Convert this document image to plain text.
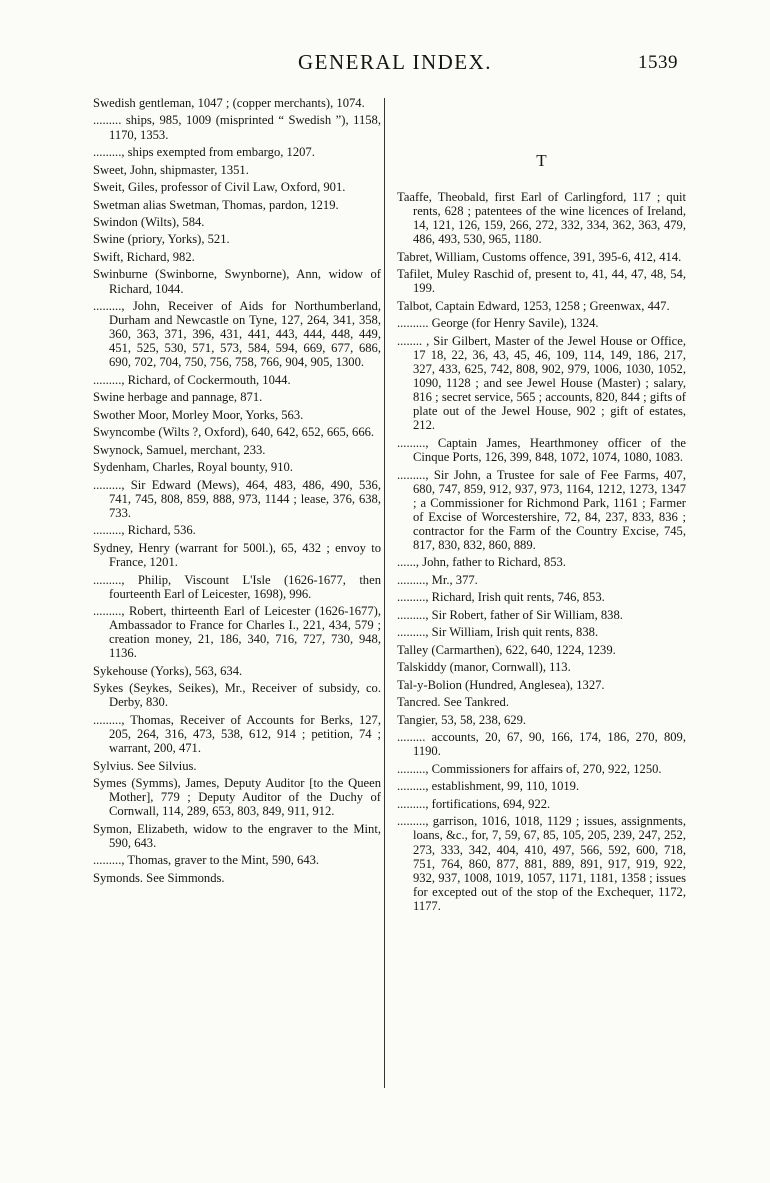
GENERAL INDEX.	1539
Swedish gentleman, 1047 ; (copper merchants), 1074.
......... ships, 985, 1009 (misprinted “ Swedish ”), 1158, 1170, 1353.
........., ships exempted from embargo, 1207.
Sweet, John, shipmaster, 1351.
Sweit, Giles, professor of Civil Law, Oxford, 901.
Swetman alias Swetman, Thomas, pardon, 1219.
Swindon (Wilts), 584.
Swine (priory, Yorks), 521.
Swift, Richard, 982.
Swinburne (Swinborne, Swynborne), Ann, widow of Richard, 1044.
........., John, Receiver of Aids for Northumberland, Durham and Newcastle on Tyne, 127, 264, 341, 358, 360, 363, 371, 396, 431, 441, 443, 444, 448, 449, 451, 525, 530, 571, 573, 584, 594, 669, 677, 686, 690, 702, 704, 750, 756, 758, 766, 904, 905, 1300.
........., Richard, of Cockermouth, 1044.
Swine herbage and pannage, 871.
Swother Moor, Morley Moor, Yorks, 563.
Swyncombe (Wilts ?, Oxford), 640, 642, 652, 665, 666.
Swynock, Samuel, merchant, 233.
Sydenham, Charles, Royal bounty, 910.
........., Sir Edward (Mews), 464, 483, 486, 490, 536, 741, 745, 808, 859, 888, 973, 1144 ; lease, 376, 638, 733.
........., Richard, 536.
Sydney, Henry (warrant for 500l.), 65, 432 ; envoy to France, 1201.
........., Philip, Viscount L'Isle (1626-1677, then fourteenth Earl of Leicester, 1698), 996.
........., Robert, thirteenth Earl of Leicester (1626-1677), Ambassador to France for Charles I., 221, 434, 579 ; creation money, 21, 186, 340, 716, 727, 730, 948, 1136.
Sykehouse (Yorks), 563, 634.
Sykes (Seykes, Seikes), Mr., Receiver of subsidy, co. Derby, 830.
........., Thomas, Receiver of Accounts for Berks, 127, 205, 264, 316, 473, 538, 612, 914 ; petition, 74 ; warrant, 200, 471.
Sylvius. See Silvius.
Symes (Symms), James, Deputy Auditor [to the Queen Mother], 779 ; Deputy Auditor of the Duchy of Cornwall, 114, 289, 653, 803, 849, 911, 912.
Symon, Elizabeth, widow to the engraver to the Mint, 590, 643.
........., Thomas, graver to the Mint, 590, 643.
Symonds. See Simmonds.
T
Taaffe, Theobald, first Earl of Carlingford, 117 ; quit rents, 628 ; patentees of the wine licences of Ireland, 14, 121, 126, 159, 266, 272, 332, 334, 362, 363, 479, 486, 493, 530, 965, 1180.
Tabret, William, Customs offence, 391, 395-6, 412, 414.
Tafilet, Muley Raschid of, present to, 41, 44, 47, 48, 54, 199.
Talbot, Captain Edward, 1253, 1258 ; Greenwax, 447.
.......... George (for Henry Savile), 1324.
........ , Sir Gilbert, Master of the Jewel House or Office, 17 18, 22, 36, 43, 45, 46, 109, 114, 149, 186, 217, 327, 433, 625, 742, 808, 902, 979, 1006, 1030, 1052, 1090, 1128 ; and see Jewel House (Master) ; salary, 816 ; secret service, 565 ; accounts, 820, 844 ; gifts of plate out of the Jewel House, 902 ; gift of estates, 212.
........., Captain James, Hearthmoney officer of the Cinque Ports, 126, 399, 848, 1072, 1074, 1080, 1083.
........., Sir John, a Trustee for sale of Fee Farms, 407, 680, 747, 859, 912, 937, 973, 1164, 1212, 1273, 1347 ; a Commissioner for Richmond Park, 1161 ; Farmer of Excise of Worcestershire, 72, 84, 237, 833, 836 ; contractor for the Farm of the Country Excise, 745, 817, 830, 832, 860, 889.
......, John, father to Richard, 853.
........., Mr., 377.
........., Richard, Irish quit rents, 746, 853.
........., Sir Robert, father of Sir William, 838.
........., Sir William, Irish quit rents, 838.
Talley (Carmarthen), 622, 640, 1224, 1239.
Talskiddy (manor, Cornwall), 113.
Tal-y-Bolion (Hundred, Anglesea), 1327.
Tancred. See Tankred.
Tangier, 53, 58, 238, 629.
......... accounts, 20, 67, 90, 166, 174, 186, 270, 809, 1190.
........., Commissioners for affairs of, 270, 922, 1250.
........., establishment, 99, 110, 1019.
........., fortifications, 694, 922.
........., garrison, 1016, 1018, 1129 ; issues, assignments, loans, &c., for, 7, 59, 67, 85, 105, 205, 239, 247, 252, 273, 333, 342, 404, 410, 497, 566, 592, 600, 718, 751, 764, 860, 877, 881, 889, 891, 917, 919, 922, 932, 937, 1008, 1019, 1057, 1171, 1181, 1358 ; issues for excepted out of the stop of the Exchequer, 1172, 1177.
